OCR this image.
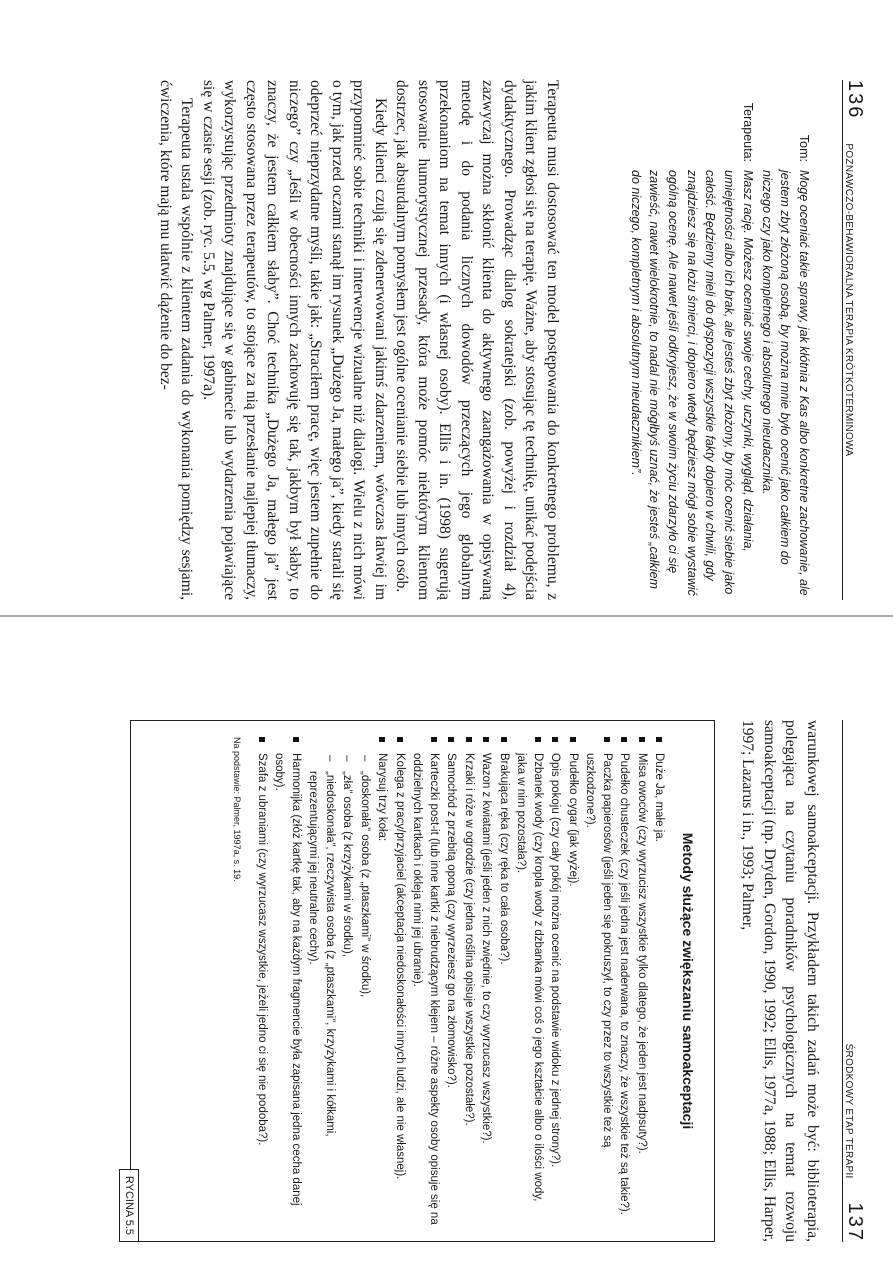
136
POZNAWCZO-BEHAWIORALNA TERAPIA KRÓTKOTERMINOWA
Tom:
Mogę oceniać takie sprawy, jak kłótnia z Kas albo konkretne zachowanie, ale jestem zbyt złożoną osobą, by można mnie było ocenić jako całkiem do niczego czy jako kompletnego i absolutnego nieudacznika.
Terapeuta:
Masz rację. Możesz oceniać swoje cechy, uczynki, wygląd, działania, umiejętności albo ich brak, ale jesteś zbyt złożony, by móc ocenić siebie jako całość. Będziemy mieli do dyspozycji wszystkie fakty dopiero w chwili, gdy znajdziesz się na łożu śmierci, i dopiero wtedy będziesz mógł sobie wystawić ogólną ocenę. Ale nawet jeśli odkryjesz, że w swoim życiu zdarzyło ci się zawieść, nawet wielokrotnie, to nadal nie mógłbyś uznać, że jesteś „całkiem do niczego, kompletnym i absolutnym nieudacznikiem”.

Terapeuta musi dostosować ten model postępowania do konkretnego problemu, z jakim klient zgłosi się na terapię. Ważne, aby stosując tę technikę, unikać podejścia dydaktycznego. Prowadząc dialog sokratejski (zob. powyżej i rozdział 4), zazwyczaj można skłonić klienta do aktywnego zaangażowania w opisywaną metodę i do podania licznych dowodów przeczących jego globalnym przekonaniom na temat innych (i własnej osoby). Ellis i in. (1998) sugerują stosowanie humorystycznej przesady, która może pomóc niektórym klientom dostrzec, jak absurdalnym pomysłem jest ogólne ocenianie siebie lub innych osób.

Kiedy klienci czują się zdenerwowani jakimś zdarzeniem, wówczas łatwiej im przypomnieć sobie techniki i interwencje wizualne niż dialogi. Wielu z nich mówi o tym, jak przed oczami stanął im rysunek „Dużego Ja, małego ja”, kiedy starali się odeprzeć nieprzydatne myśli, takie jak: „Straciłem pracę, więc jestem zupełnie do niczego” czy „Jeśli w obecności innych zachowuję się tak, jakbym był słaby, to znaczy, że jestem całkiem słaby”. Choć technika „Dużego Ja, małego ja” jest często stosowana przez terapeutów, to stojące za nią przesłanie najlepiej tłumaczy, wykorzystując przedmioty znajdujące się w gabinecie lub wydarzenia pojawiające się w czasie sesji (zob. ryc. 5.5, wg Palmer, 1997a).

Terapeuta ustala wspólnie z klientem zadania do wykonania pomiędzy sesjami, ćwiczenia, które mają mu ułatwić dążenie do bez-

ŚRODKOWY ETAP TERAPII
137

warunkowej samoakceptacji. Przykładem takich zadań może być: biblioterapia, polegająca na czytaniu poradników psychologicznych na temat rozwoju samoakceptacji (np. Dryden, Gordon, 1990, 1992; Ellis, 1977a, 1988; Ellis, Harper, 1997; Lazarus i in., 1993; Palmer,

Metody służące zwiększaniu samoakceptacji
Duże Ja, małe ja.
Misa owoców (czy wyrzucisz wszystkie tylko dlatego, że jeden jest nadpsuty?).
Pudełko chusteczek (czy jeśli jedna jest naderwana, to znaczy, że wszystkie też są takie?).
Paczka papierosów (jeśli jeden się pokruszył, to czy przez to wszystkie też są uszkodzone?).
Pudełko cygar (jak wyżej).
Opis pokoju (czy cały pokój można ocenić na podstawie widoku z jednej strony?).
Dzbanek wody (czy kropla wody z dzbanka mówi coś o jego kształcie albo o ilości wody, jaka w nim pozostała?).
Brakująca ręka (czy ręka to cała osoba?).
Wazon z kwiatami (jeśli jeden z nich zwiędnie, to czy wyrzucasz wszystkie?).
Krzaki i róże w ogrodzie (czy jedna roślina opisuje wszystkie pozostałe?).
Samochód z przebitą oponą (czy wyrzeziesz go na złomowisko?).
Karteczki post-it (lub inne kartki z niebrudzącym klejem – różne aspekty osoby opisuje się na oddzielnych kartkach i okleja nimi jej ubranie).
Kolega z pracy/przyjaciel (akceptacja niedoskonałości innych ludzi, ale nie własnej).
Narysuj trzy koła:
–
„doskonała” osoba (z „ptaszkami” w środku),
–
„zła” osoba (z krzyżykami w środku),
–
„niedoskonała”, rzeczywista osoba (z „ptaszkami”, krzyżykami i kółkami, reprezentującymi jej neutralne cechy).
Harmonijka (złóż kartkę tak, aby na każdym fragmencie była zapisana jedna cecha danej osoby).
Szafa z ubraniami (czy wyrzucasz wszystkie, jeżeli jedno ci się nie podoba?).
Na podstawie: Palmer, 1997a, s. 19.
RYCINA 5.5
